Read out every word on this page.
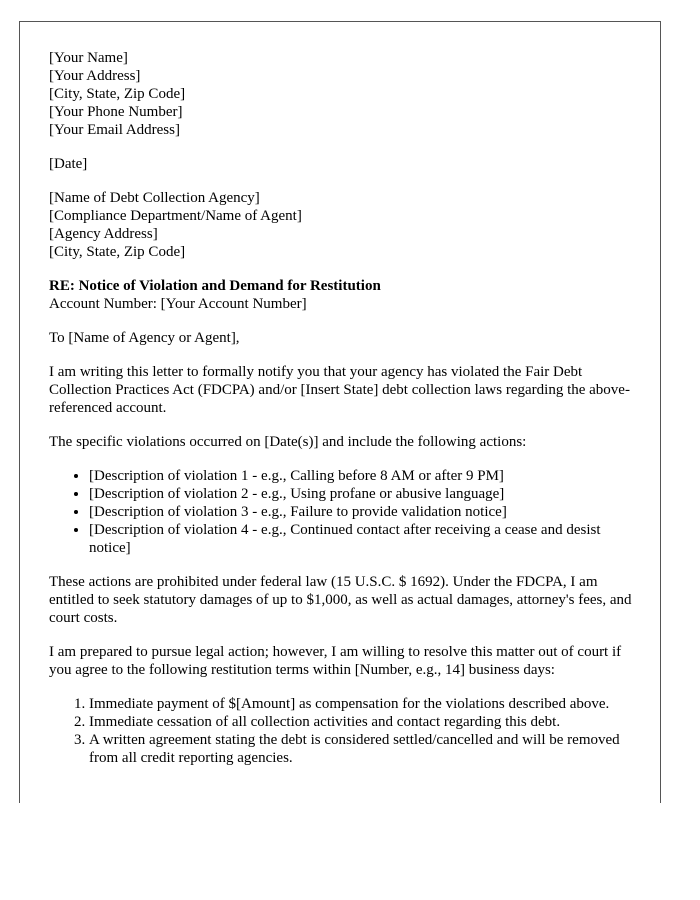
[Your Name]
[Your Address]
[City, State, Zip Code]
[Your Phone Number]
[Your Email Address]
[Date]
[Name of Debt Collection Agency]
[Compliance Department/Name of Agent]
[Agency Address]
[City, State, Zip Code]
RE: Notice of Violation and Demand for Restitution
Account Number: [Your Account Number]

To [Name of Agency or Agent],

I am writing this letter to formally notify you that your agency has violated the Fair Debt Collection Practices Act (FDCPA) and/or [Insert State] debt collection laws regarding the above-referenced account.

The specific violations occurred on [Date(s)] and include the following actions:

• [Description of violation 1 - e.g., Calling before 8 AM or after 9 PM]
• [Description of violation 2 - e.g., Using profane or abusive language]
• [Description of violation 3 - e.g., Failure to provide validation notice]
• [Description of violation 4 - e.g., Continued contact after receiving a cease and desist notice]

These actions are prohibited under federal law (15 U.S.C. $ 1692). Under the FDCPA, I am entitled to seek statutory damages of up to $1,000, as well as actual damages, attorney's fees, and court costs.

I am prepared to pursue legal action; however, I am willing to resolve this matter out of court if you agree to the following restitution terms within [Number, e.g., 14] business days:

1. Immediate payment of $[Amount] as compensation for the violations described above.
2. Immediate cessation of all collection activities and contact regarding this debt.
3. A written agreement stating the debt is considered settled/cancelled and will be removed from all credit reporting agencies.
